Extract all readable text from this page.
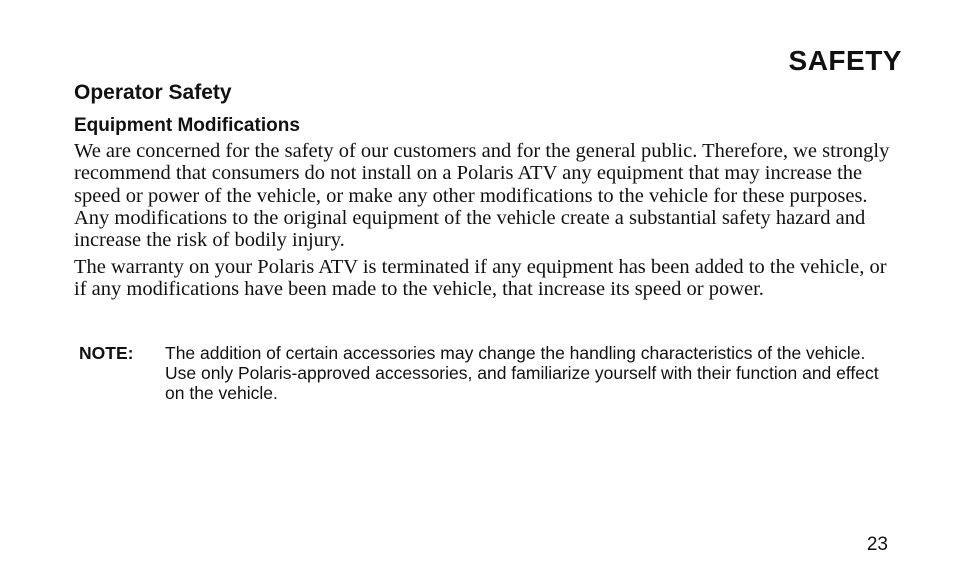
SAFETY
Operator Safety
Equipment Modifications

We are concerned for the safety of our customers and for the general public. Therefore, we strongly recommend that consumers do not install on a Polaris ATV any equipment that may increase the speed or power of the vehicle, or make any other modifications to the vehicle for these purposes. Any modifications to the original equipment of the vehicle create a substantial safety hazard and increase the risk of bodily injury.

The warranty on your Polaris ATV is terminated if any equipment has been added to the vehicle, or if any modifications have been made to the vehicle, that increase its speed or power.

NOTE: The addition of certain accessories may change the handling characteristics of the vehicle. Use only Polaris-approved accessories, and familiarize yourself with their function and effect on the vehicle.

23
